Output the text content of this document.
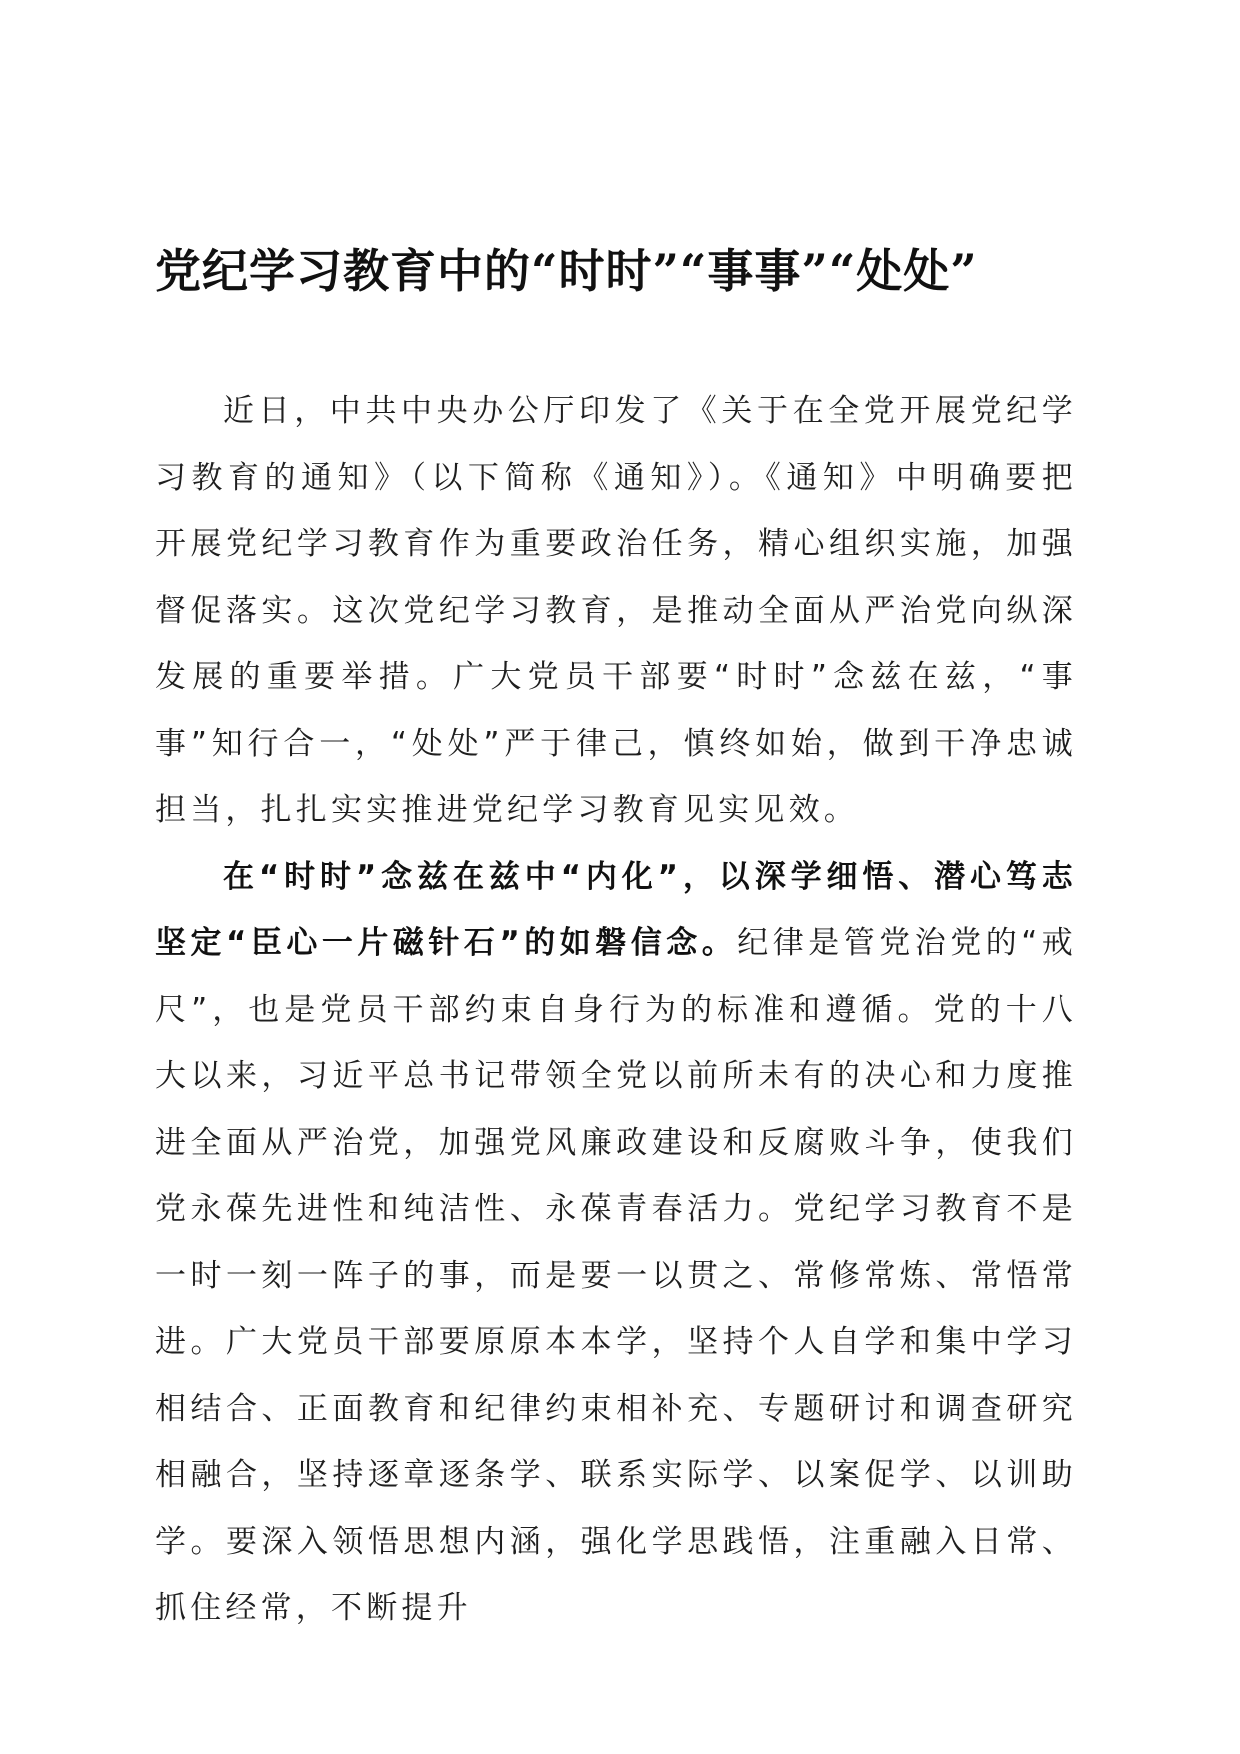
党纪学习教育中的“时时”“事事”“处处”

近日，中共中央办公厅印发了《关于在全党开展党纪学习教育的通知》（以下简称《通知》）。《通知》中明确要把开展党纪学习教育作为重要政治任务，精心组织实施，加强督促落实。这次党纪学习教育，是推动全面从严治党向纵深发展的重要举措。广大党员干部要“时时”念兹在兹，“事事”知行合一，“处处”严于律己，慎终如始，做到干净忠诚担当，扎扎实实推进党纪学习教育见实见效。

在“时时”念兹在兹中“内化”，以深学细悟、潜心笃志坚定“臣心一片磁针石”的如磐信念。纪律是管党治党的“戒尺”，也是党员干部约束自身行为的标准和遵循。党的十八大以来，习近平总书记带领全党以前所未有的决心和力度推进全面从严治党，加强党风廉政建设和反腐败斗争，使我们党永葆先进性和纯洁性、永葆青春活力。党纪学习教育不是一时一刻一阵子的事，而是要一以贯之、常修常炼、常悟常进。广大党员干部要原原本本学，坚持个人自学和集中学习相结合、正面教育和纪律约束相补充、专题研讨和调查研究相融合，坚持逐章逐条学、联系实际学、以案促学、以训助学。要深入领悟思想内涵，强化学思践悟，注重融入日常、抓住经常，不断提升
